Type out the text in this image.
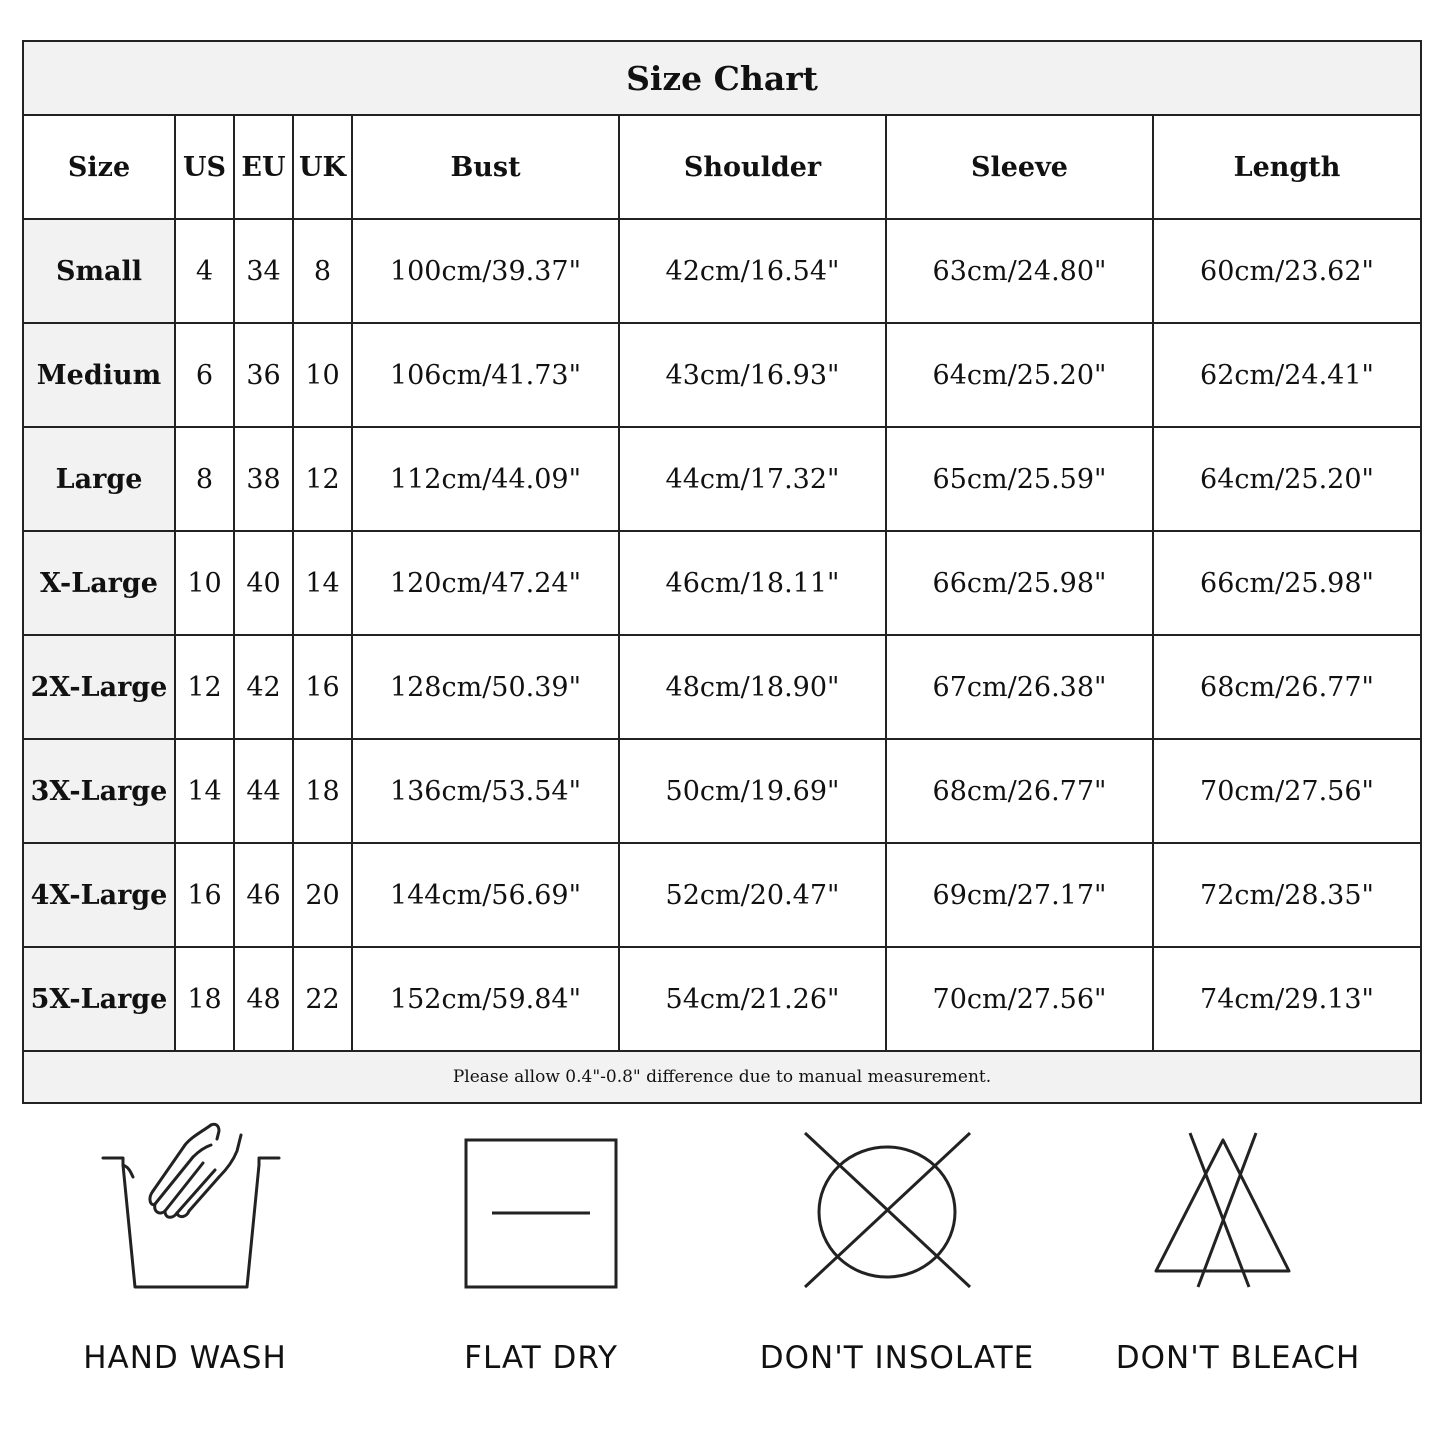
Size Chart							
Size	US	EU	UK	Bust	Shoulder	Sleeve	Length
Small	4	34	8	100cm/39.37"	42cm/16.54"	63cm/24.80"	60cm/23.62"
Medium	6	36	10	106cm/41.73"	43cm/16.93"	64cm/25.20"	62cm/24.41"
Large	8	38	12	112cm/44.09"	44cm/17.32"	65cm/25.59"	64cm/25.20"
X-Large	10	40	14	120cm/47.24"	46cm/18.11"	66cm/25.98"	66cm/25.98"
2X-Large	12	42	16	128cm/50.39"	48cm/18.90"	67cm/26.38"	68cm/26.77"
3X-Large	14	44	18	136cm/53.54"	50cm/19.69"	68cm/26.77"	70cm/27.56"
4X-Large	16	46	20	144cm/56.69"	52cm/20.47"	69cm/27.17"	72cm/28.35"
5X-Large	18	48	22	152cm/59.84"	54cm/21.26"	70cm/27.56"	74cm/29.13"
Please allow 0.4"-0.8" difference due to manual measurement.							
HAND WASH	FLAT DRY	DON'T INSOLATE	DON'T BLEACH
